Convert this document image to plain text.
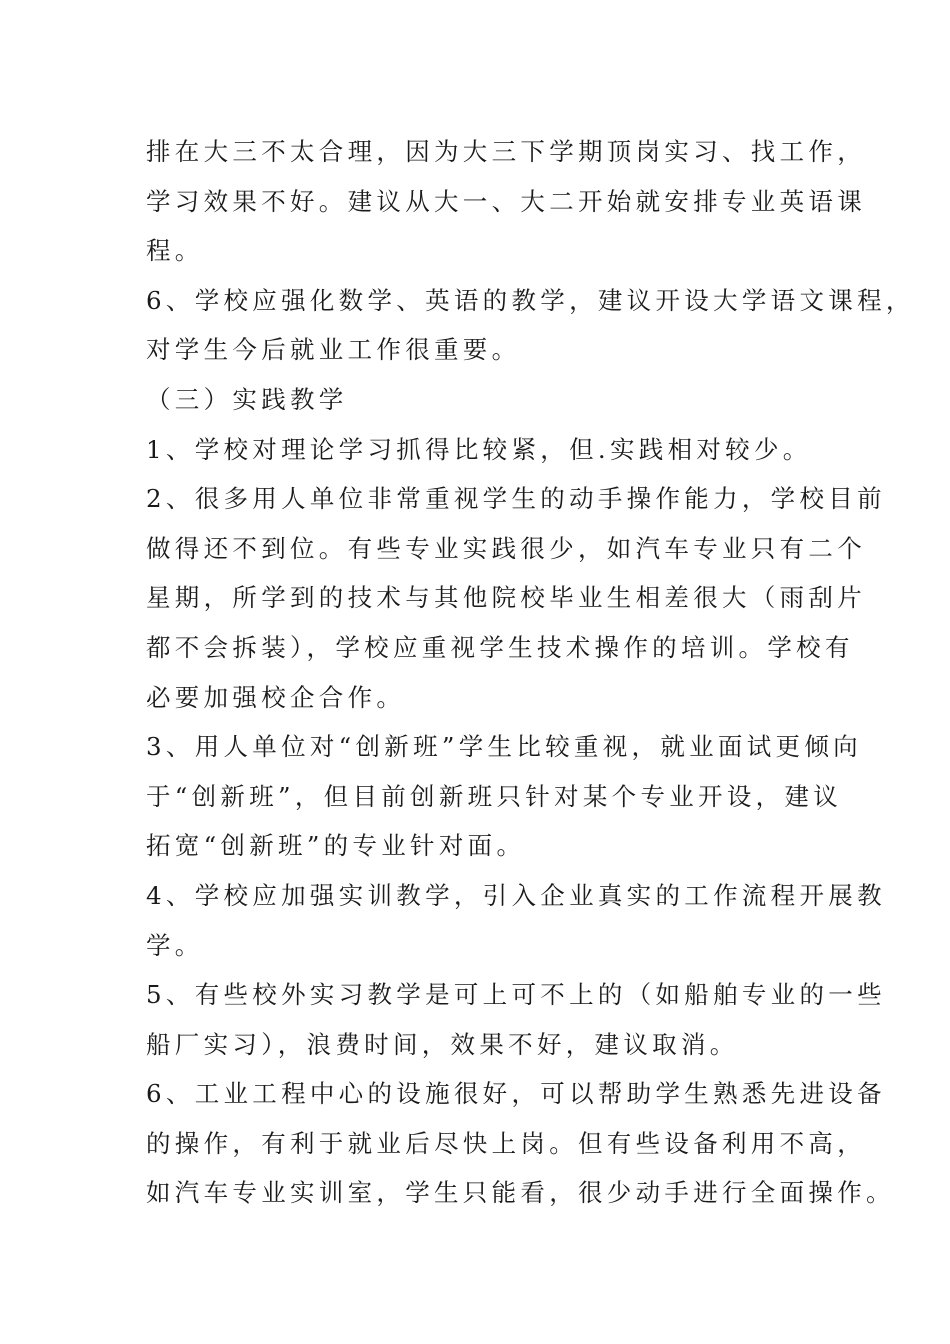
排在大三不太合理，因为大三下学期顶岗实习、找工作，
学习效果不好。建议从大一、大二开始就安排专业英语课
程。
6、学校应强化数学、英语的教学，建议开设大学语文课程，
对学生今后就业工作很重要。
（三）实践教学
1、学校对理论学习抓得比较紧，但.实践相对较少。
2、很多用人单位非常重视学生的动手操作能力，学校目前
做得还不到位。有些专业实践很少，如汽车专业只有二个
星期，所学到的技术与其他院校毕业生相差很大（雨刮片
都不会拆装），学校应重视学生技术操作的培训。学校有
必要加强校企合作。
3、用人单位对“创新班”学生比较重视，就业面试更倾向
于“创新班”，但目前创新班只针对某个专业开设，建议
拓宽“创新班”的专业针对面。
4、学校应加强实训教学，引入企业真实的工作流程开展教
学。
5、有些校外实习教学是可上可不上的（如船舶专业的一些
船厂实习），浪费时间，效果不好，建议取消。
6、工业工程中心的设施很好，可以帮助学生熟悉先进设备
的操作，有利于就业后尽快上岗。但有些设备利用不高，
如汽车专业实训室，学生只能看，很少动手进行全面操作。
